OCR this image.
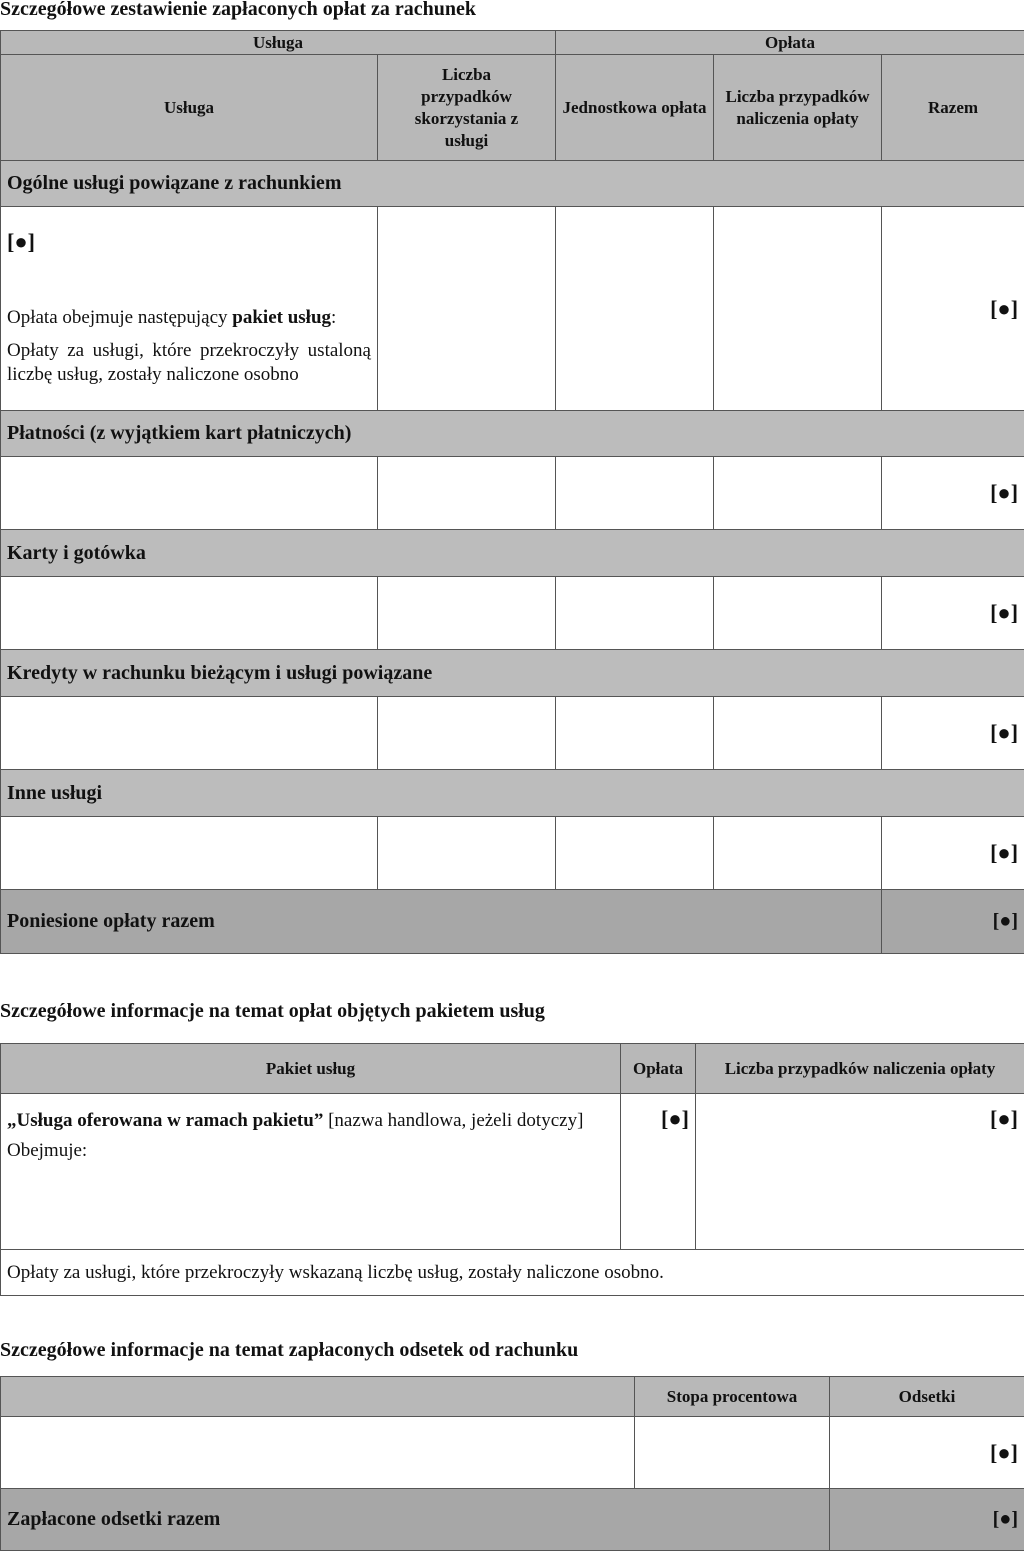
Szczegółowe zestawienie zapłaconych opłat za rachunek
Usługa		Opłata		
Usługa	Liczba przypadków skorzystania z usługi	Jednostkowa opłata	Liczba przypadków naliczenia opłaty	Razem
Ogólne usługi powiązane z rachunkiem				

[●]
Opłata obejmuje następujący pakiet usług:
Opłaty za usługi, które przekroczyły ustaloną liczbę usług, zostały naliczone osobno				[●]
Płatności (z wyjątkiem kart płatniczych)				
				[●]
Karty i gotówka				
				[●]
Kredyty w rachunku bieżącym i usługi powiązane				
				[●]
Inne usługi				
				[●]
Poniesione opłaty razem				[●]
Szczegółowe informacje na temat opłat objętych pakietem usług
Pakiet usług	Opłata	Liczba przypadków naliczenia opłaty

„Usługa oferowana w ramach pakietu” [nazwa handlowa, jeżeli dotyczy]
Obejmuje:	[●]	[●]
Opłaty za usługi, które przekroczyły wskazaną liczbę usług, zostały naliczone osobno.		
Szczegółowe informacje na temat zapłaconych odsetek od rachunku
	Stopa procentowa	Odsetki
		[●]
Zapłacone odsetki razem		[●]
